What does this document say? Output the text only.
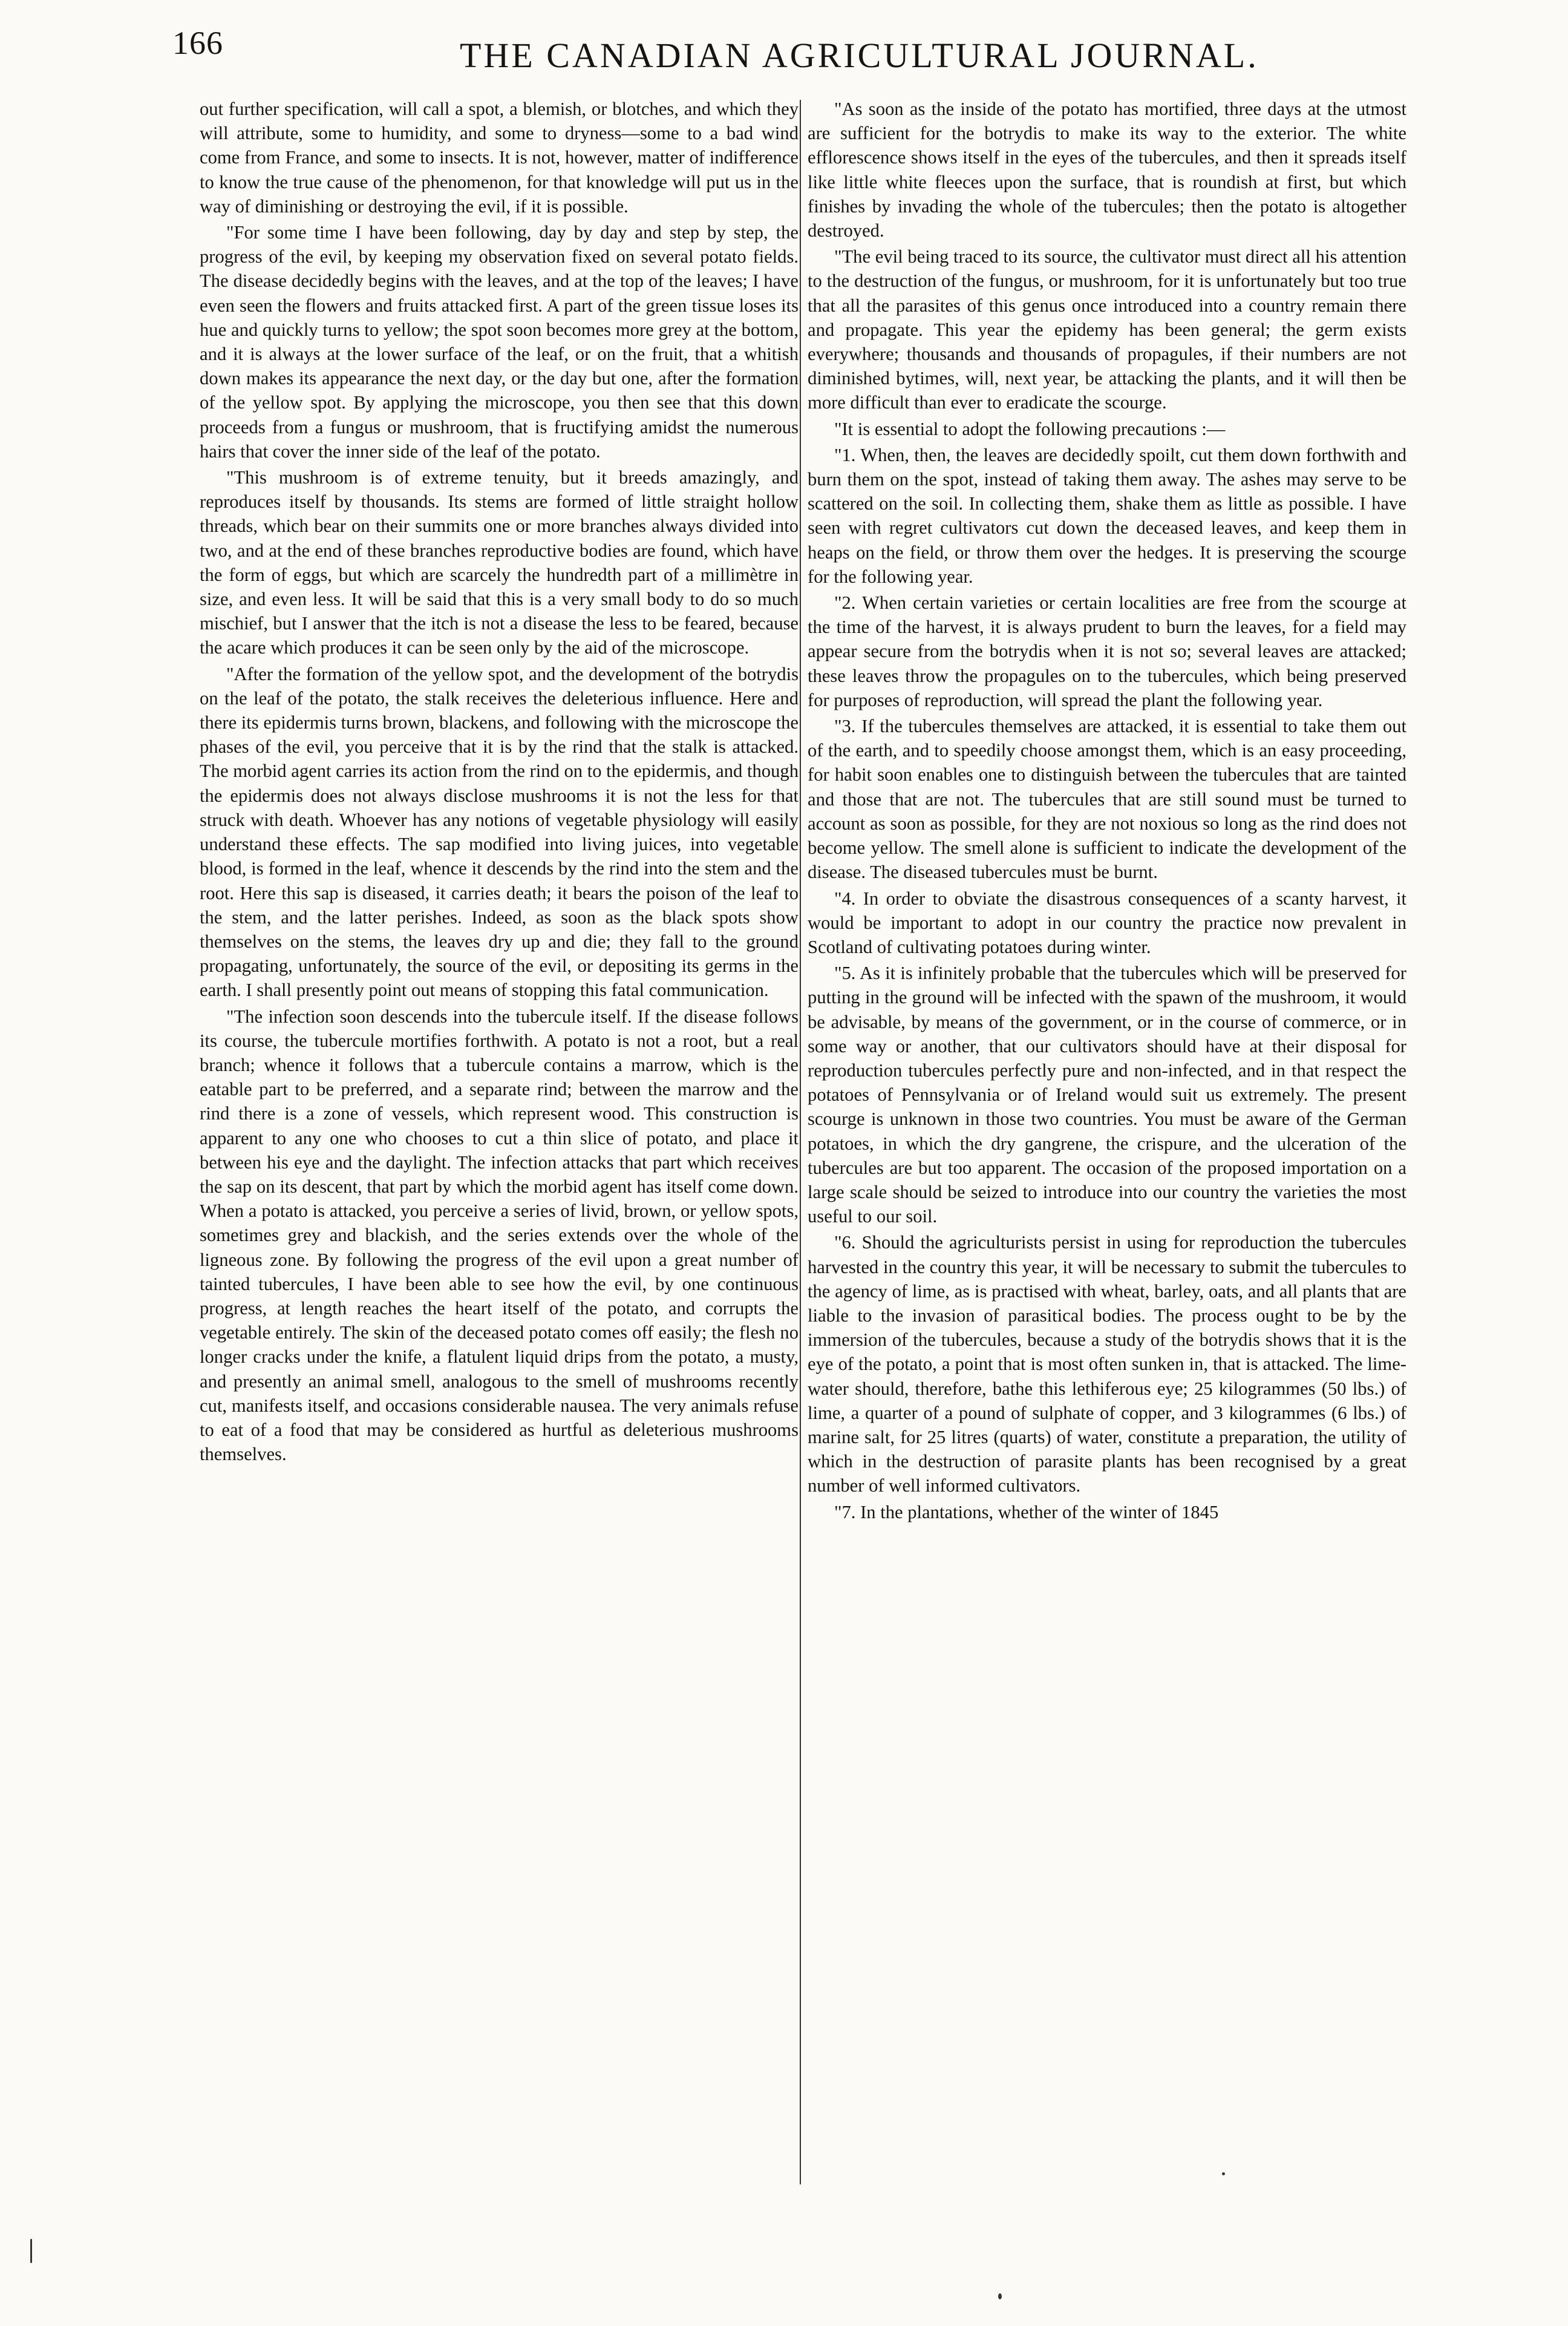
166	THE CANADIAN AGRICULTURAL JOURNAL.

out further specification, will call a spot, a blemish, or blotches, and which they will attribute, some to humidity, and some to dryness—some to a bad wind come from France, and some to insects. It is not, however, matter of indifference to know the true cause of the phenomenon, for that knowledge will put us in the way of diminishing or destroying the evil, if it is possible.

"For some time I have been following, day by day and step by step, the progress of the evil, by keeping my observation fixed on several potato fields. The disease decidedly begins with the leaves, and at the top of the leaves; I have even seen the flowers and fruits attacked first. A part of the green tissue loses its hue and quickly turns to yellow; the spot soon becomes more grey at the bottom, and it is always at the lower surface of the leaf, or on the fruit, that a whitish down makes its appearance the next day, or the day but one, after the formation of the yellow spot. By applying the microscope, you then see that this down proceeds from a fungus or mushroom, that is fructifying amidst the numerous hairs that cover the inner side of the leaf of the potato.

"This mushroom is of extreme tenuity, but it breeds amazingly, and reproduces itself by thousands. Its stems are formed of little straight hollow threads, which bear on their summits one or more branches always divided into two, and at the end of these branches reproductive bodies are found, which have the form of eggs, but which are scarcely the hundredth part of a millimètre in size, and even less. It will be said that this is a very small body to do so much mischief, but I answer that the itch is not a disease the less to be feared, because the acare which produces it can be seen only by the aid of the microscope.

"After the formation of the yellow spot, and the development of the botrydis on the leaf of the potato, the stalk receives the deleterious influence. Here and there its epidermis turns brown, blackens, and following with the microscope the phases of the evil, you perceive that it is by the rind that the stalk is attacked. The morbid agent carries its action from the rind on to the epidermis, and though the epidermis does not always disclose mushrooms it is not the less for that struck with death. Whoever has any notions of vegetable physiology will easily understand these effects. The sap modified into living juices, into vegetable blood, is formed in the leaf, whence it descends by the rind into the stem and the root. Here this sap is diseased, it carries death; it bears the poison of the leaf to the stem, and the latter perishes. Indeed, as soon as the black spots show themselves on the stems, the leaves dry up and die; they fall to the ground propagating, unfortunately, the source of the evil, or depositing its germs in the earth. I shall presently point out means of stopping this fatal communication.

"The infection soon descends into the tubercule itself. If the disease follows its course, the tubercule mortifies forthwith. A potato is not a root, but a real branch; whence it follows that a tubercule contains a marrow, which is the eatable part to be preferred, and a separate rind; between the marrow and the rind there is a zone of vessels, which represent wood. This construction is apparent to any one who chooses to cut a thin slice of potato, and place it between his eye and the daylight. The infection attacks that part which receives the sap on its descent, that part by which the morbid agent has itself come down. When a potato is attacked, you perceive a series of livid, brown, or yellow spots, sometimes grey and blackish, and the series extends over the whole of the ligneous zone. By following the progress of the evil upon a great number of tainted tubercules, I have been able to see how the evil, by one continuous progress, at length reaches the heart itself of the potato, and corrupts the vegetable entirely. The skin of the deceased potato comes off easily; the flesh no longer cracks under the knife, a flatulent liquid drips from the potato, a musty, and presently an animal smell, analogous to the smell of mushrooms recently cut, manifests itself, and occasions considerable nausea. The very animals refuse to eat of a food that may be considered as hurtful as deleterious mushrooms themselves.

"As soon as the inside of the potato has mortified, three days at the utmost are sufficient for the botrydis to make its way to the exterior. The white efflorescence shows itself in the eyes of the tubercules, and then it spreads itself like little white fleeces upon the surface, that is roundish at first, but which finishes by invading the whole of the tubercules; then the potato is altogether destroyed.

"The evil being traced to its source, the cultivator must direct all his attention to the destruction of the fungus, or mushroom, for it is unfortunately but too true that all the parasites of this genus once introduced into a country remain there and propagate. This year the epidemy has been general; the germ exists everywhere; thousands and thousands of propagules, if their numbers are not diminished bytimes, will, next year, be attacking the plants, and it will then be more difficult than ever to eradicate the scourge.

"It is essential to adopt the following precautions :—

"1. When, then, the leaves are decidedly spoilt, cut them down forthwith and burn them on the spot, instead of taking them away. The ashes may serve to be scattered on the soil. In collecting them, shake them as little as possible. I have seen with regret cultivators cut down the deceased leaves, and keep them in heaps on the field, or throw them over the hedges. It is preserving the scourge for the following year.

"2. When certain varieties or certain localities are free from the scourge at the time of the harvest, it is always prudent to burn the leaves, for a field may appear secure from the botrydis when it is not so; several leaves are attacked; these leaves throw the propagules on to the tubercules, which being preserved for purposes of reproduction, will spread the plant the following year.

"3. If the tubercules themselves are attacked, it is essential to take them out of the earth, and to speedily choose amongst them, which is an easy proceeding, for habit soon enables one to distinguish between the tubercules that are tainted and those that are not. The tubercules that are still sound must be turned to account as soon as possible, for they are not noxious so long as the rind does not become yellow. The smell alone is sufficient to indicate the development of the disease. The diseased tubercules must be burnt.

"4. In order to obviate the disastrous consequences of a scanty harvest, it would be important to adopt in our country the practice now prevalent in Scotland of cultivating potatoes during winter.

"5. As it is infinitely probable that the tubercules which will be preserved for putting in the ground will be infected with the spawn of the mushroom, it would be advisable, by means of the government, or in the course of commerce, or in some way or another, that our cultivators should have at their disposal for reproduction tubercules perfectly pure and non-infected, and in that respect the potatoes of Pennsylvania or of Ireland would suit us extremely. The present scourge is unknown in those two countries. You must be aware of the German potatoes, in which the dry gangrene, the crispure, and the ulceration of the tubercules are but too apparent. The occasion of the proposed importation on a large scale should be seized to introduce into our country the varieties the most useful to our soil.

"6. Should the agriculturists persist in using for reproduction the tubercules harvested in the country this year, it will be necessary to submit the tubercules to the agency of lime, as is practised with wheat, barley, oats, and all plants that are liable to the invasion of parasitical bodies. The process ought to be by the immersion of the tubercules, because a study of the botrydis shows that it is the eye of the potato, a point that is most often sunken in, that is attacked. The lime-water should, therefore, bathe this lethiferous eye; 25 kilogrammes (50 lbs.) of lime, a quarter of a pound of sulphate of copper, and 3 kilogrammes (6 lbs.) of marine salt, for 25 litres (quarts) of water, constitute a preparation, the utility of which in the destruction of parasite plants has been recognised by a great number of well informed cultivators.

"7. In the plantations, whether of the winter of 1845
